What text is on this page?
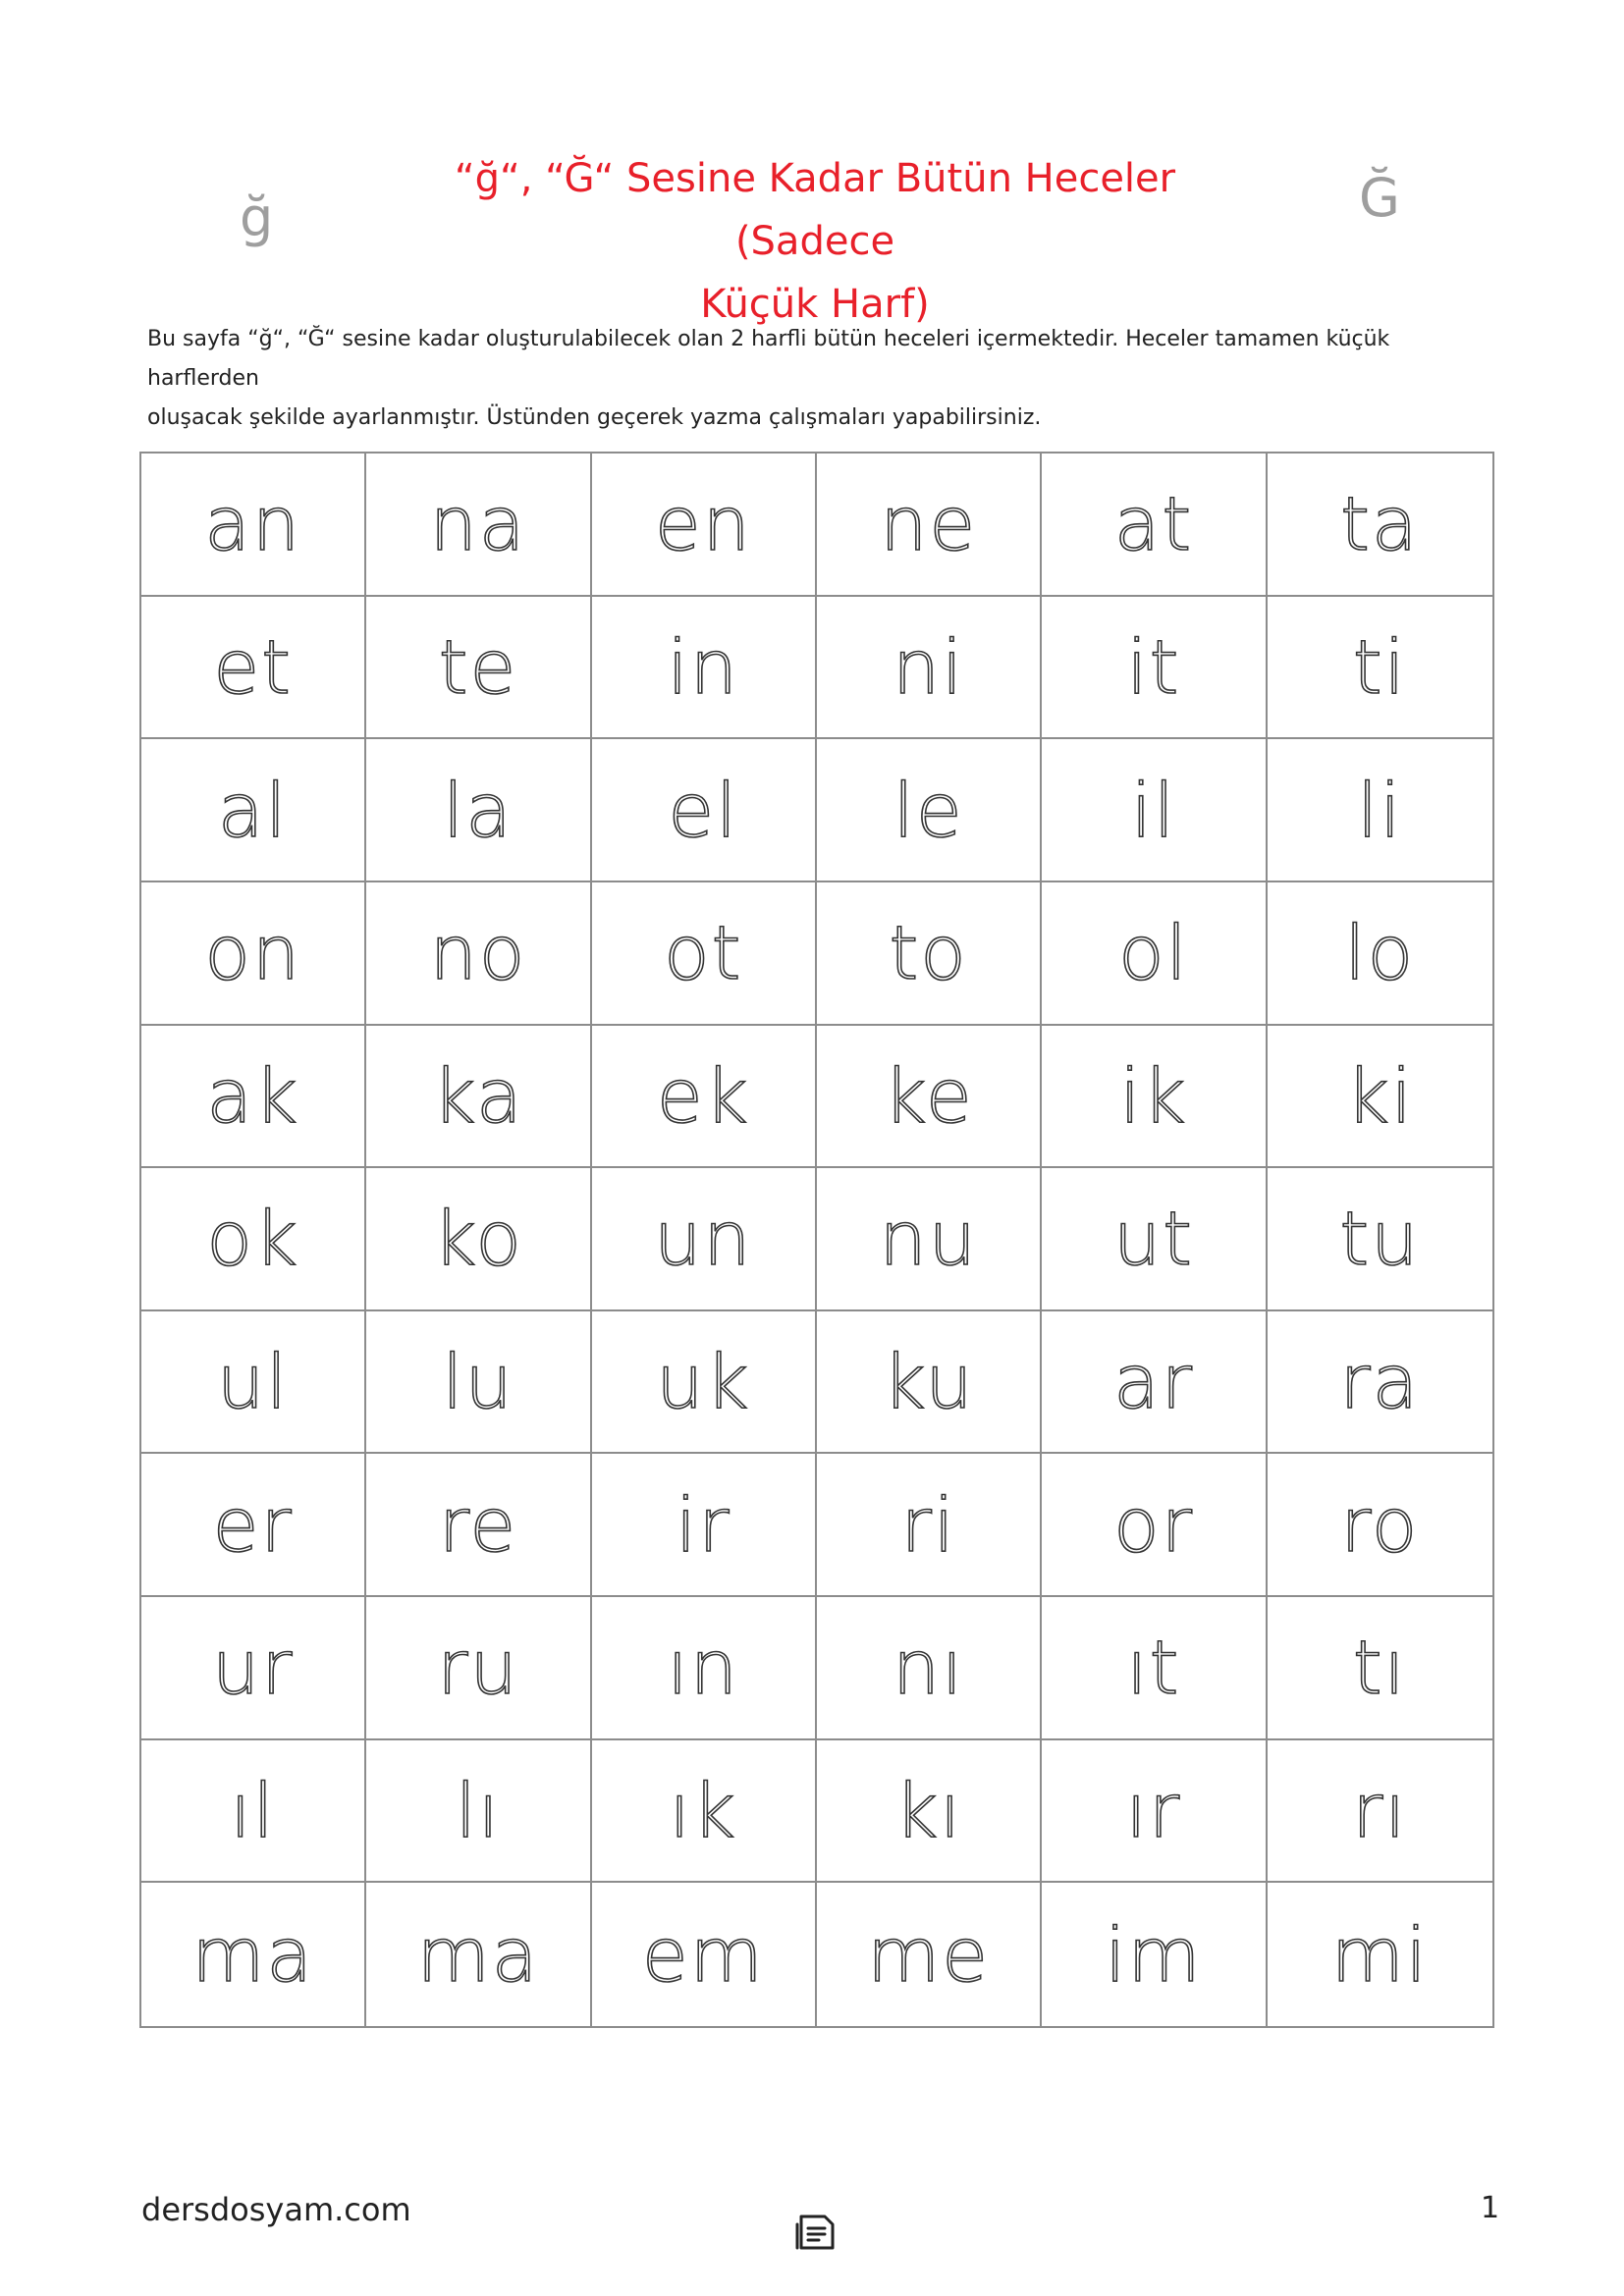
ğ	Ğ
“ğ“, “Ğ“ Sesine Kadar Bütün Heceler (Sadece
Küçük Harf)
Bu sayfa “ğ“, “Ğ“ sesine kadar oluşturulabilecek olan 2 harfli bütün heceleri içermektedir. Heceler tamamen küçük harflerden
oluşacak şekilde ayarlanmıştır. Üstünden geçerek yazma çalışmaları yapabilirsiniz.
an na en ne at ta
et te in ni it ti
al la el le il li
on no ot to ol lo
ak ka ek ke ik ki
ok ko un nu ut tu
ul lu uk ku ar ra
er re ir ri or ro
ur ru ın nı ıt tı
ıl lı ık kı ır rı
ma ma em me im mi
dersdosyam.com	1
